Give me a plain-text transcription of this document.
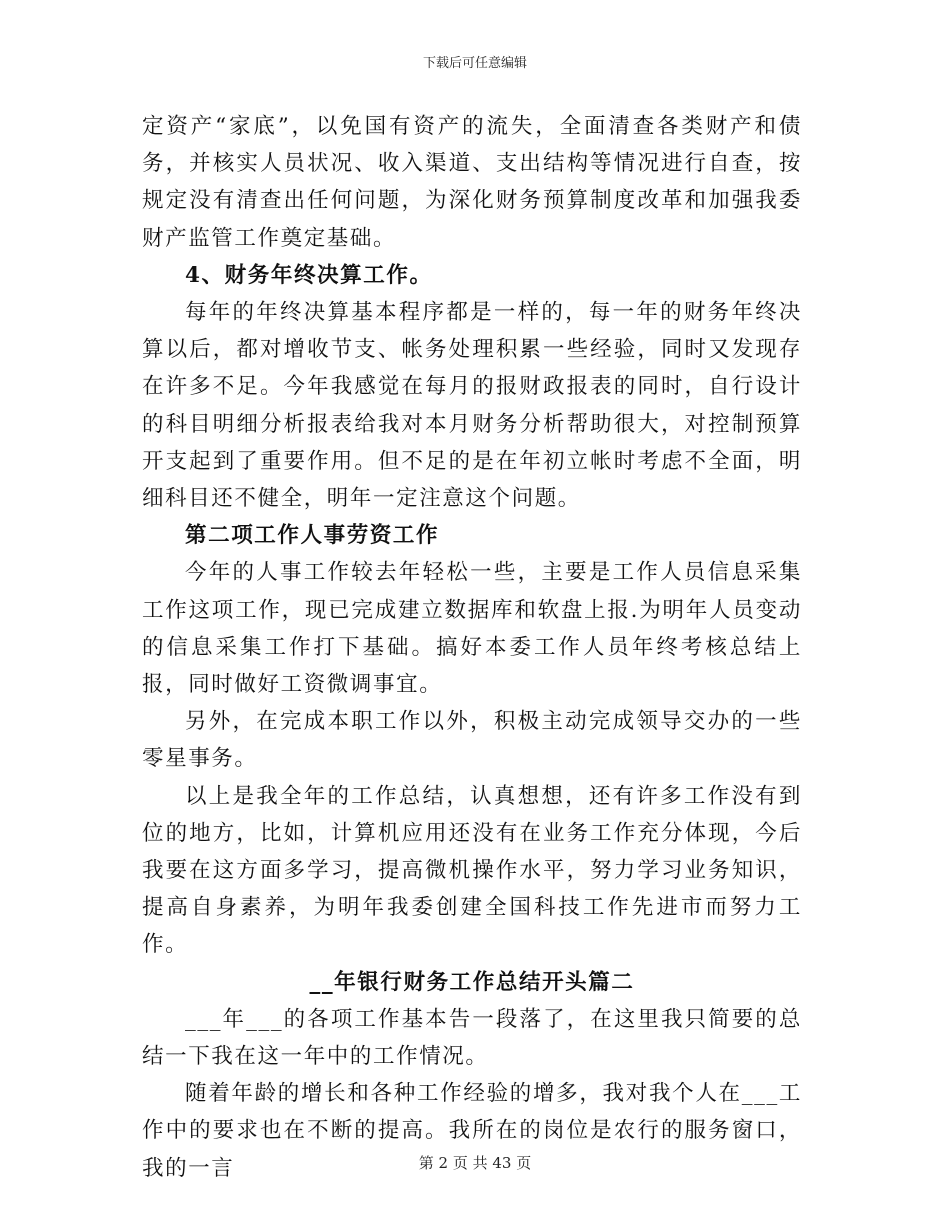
下载后可任意编辑

定资产“家底”，以免国有资产的流失，全面清查各类财产和债务，并核实人员状况、收入渠道、支出结构等情况进行自查，按规定没有清查出任何问题，为深化财务预算制度改革和加强我委财产监管工作奠定基础。

4、财务年终决算工作。

每年的年终决算基本程序都是一样的，每一年的财务年终决算以后，都对增收节支、帐务处理积累一些经验，同时又发现存在许多不足。今年我感觉在每月的报财政报表的同时，自行设计的科目明细分析报表给我对本月财务分析帮助很大，对控制预算开支起到了重要作用。但不足的是在年初立帐时考虑不全面，明细科目还不健全，明年一定注意这个问题。

第二项工作人事劳资工作

今年的人事工作较去年轻松一些，主要是工作人员信息采集工作这项工作，现已完成建立数据库和软盘上报.为明年人员变动的信息采集工作打下基础。搞好本委工作人员年终考核总结上报，同时做好工资微调事宜。

另外，在完成本职工作以外，积极主动完成领导交办的一些零星事务。

以上是我全年的工作总结，认真想想，还有许多工作没有到位的地方，比如，计算机应用还没有在业务工作充分体现，今后我要在这方面多学习，提高微机操作水平，努力学习业务知识，提高自身素养，为明年我委创建全国科技工作先进市而努力工作。

__年银行财务工作总结开头篇二

___年___的各项工作基本告一段落了，在这里我只简要的总结一下我在这一年中的工作情况。

随着年龄的增长和各种工作经验的增多，我对我个人在___工作中的要求也在不断的提高。我所在的岗位是农行的服务窗口，我的一言	第 2 页 共 43 页
